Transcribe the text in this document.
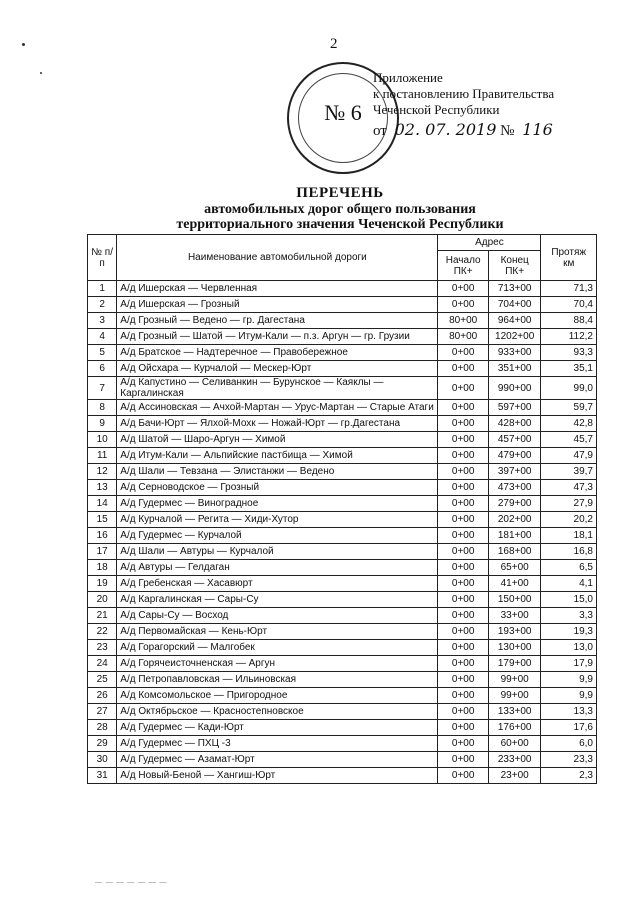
2
№ 6
Приложение
к постановлению Правительства
Чеченской Республики
от 02. 07. 2019 № 116
ПЕРЕЧЕНЬ
автомобильных дорог общего пользования
территориального значения Чеченской Республики
№ п/п	Наименование автомобильной дороги	Адрес		Протяж км
		Начало ПК+	Конец ПК+	
1	А/д Ишерская — Червленная	0+00	713+00	71,3
2	А/д Ишерская — Грозный	0+00	704+00	70,4
3	А/д Грозный — Ведено — гр. Дагестана	80+00	964+00	88,4
4	А/д Грозный — Шатой — Итум-Кали — п.з. Аргун — гр. Грузии	80+00	1202+00	112,2
5	А/д Братское — Надтеречное — Правобережное	0+00	933+00	93,3
6	А/д Ойсхара — Курчалой — Мескер-Юрт	0+00	351+00	35,1
7	А/д Капустино — Селиванкин — Бурунское — Каяклы — Каргалинская	0+00	990+00	99,0
8	А/д Ассиновская — Ачхой-Мартан — Урус-Мартан — Старые Атаги	0+00	597+00	59,7
9	А/д Бачи-Юрт — Ялхой-Мохк — Ножай-Юрт — гр.Дагестана	0+00	428+00	42,8
10	А/д Шатой — Шаро-Аргун — Химой	0+00	457+00	45,7
11	А/д Итум-Кали — Альпийские пастбища — Химой	0+00	479+00	47,9
12	А/д Шали — Тевзана — Элистанжи — Ведено	0+00	397+00	39,7
13	А/д Серноводское — Грозный	0+00	473+00	47,3
14	А/д Гудермес — Виноградное	0+00	279+00	27,9
15	А/д Курчалой — Регита — Хиди-Хутор	0+00	202+00	20,2
16	А/д Гудермес — Курчалой	0+00	181+00	18,1
17	А/д Шали — Автуры — Курчалой	0+00	168+00	16,8
18	А/д Автуры — Гелдаган	0+00	65+00	6,5
19	А/д Гребенская — Хасавюрт	0+00	41+00	4,1
20	А/д Каргалинская — Сары-Су	0+00	150+00	15,0
21	А/д Сары-Су — Восход	0+00	33+00	3,3
22	А/д Первомайская — Кень-Юрт	0+00	193+00	19,3
23	А/д Горагорский — Малгобек	0+00	130+00	13,0
24	А/д Горячеисточненская — Аргун	0+00	179+00	17,9
25	А/д Петропавловская — Ильиновская	0+00	99+00	9,9
26	А/д Комсомольское — Пригородное	0+00	99+00	9,9
27	А/д Октябрьское — Красностепновское	0+00	133+00	13,3
28	А/д Гудермес — Кади-Юрт	0+00	176+00	17,6
29	А/д Гудермес — ПХЦ -3	0+00	60+00	6,0
30	А/д Гудермес — Азамат-Юрт	0+00	233+00	23,3
31	А/д Новый-Беной — Хангиш-Юрт	0+00	23+00	2,3
— — — — — — —
